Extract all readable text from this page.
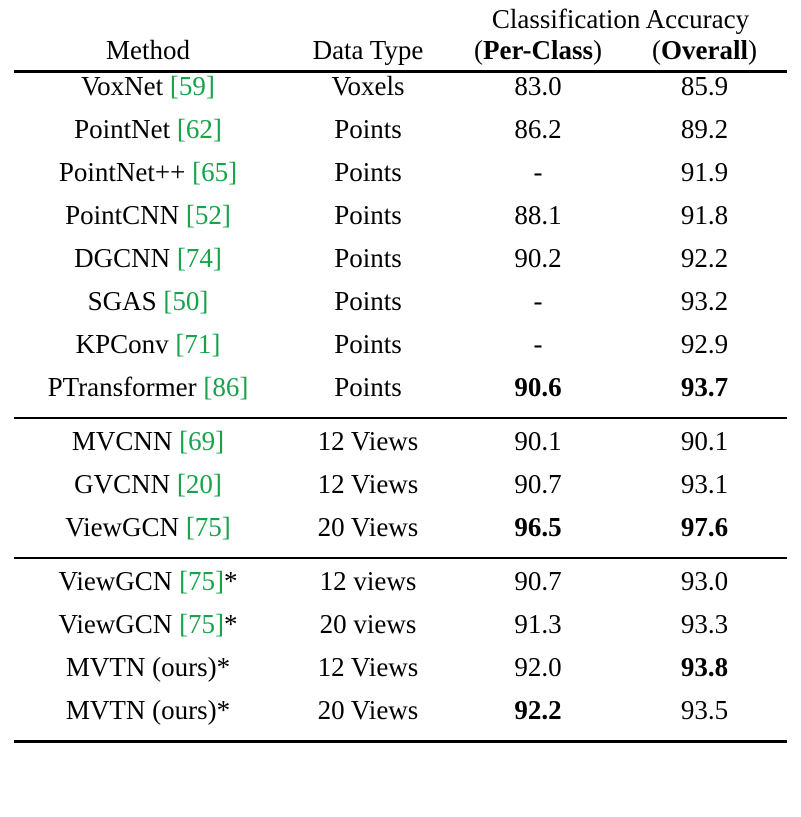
		Classification Accuracy	
Method	Data Type	(Per-Class)	(Overall)
VoxNet [59]	Voxels	83.0	85.9
PointNet [62]	Points	86.2	89.2
PointNet++ [65]	Points	-	91.9
PointCNN [52]	Points	88.1	91.8
DGCNN [74]	Points	90.2	92.2
SGAS [50]	Points	-	93.2
KPConv [71]	Points	-	92.9
PTransformer [86]	Points	90.6	93.7
MVCNN [69]	12 Views	90.1	90.1
GVCNN [20]	12 Views	90.7	93.1
ViewGCN [75]	20 Views	96.5	97.6
ViewGCN [75]*	12 views	90.7	93.0
ViewGCN [75]*	20 views	91.3	93.3
MVTN (ours)*	12 Views	92.0	93.8
MVTN (ours)*	20 Views	92.2	93.5
